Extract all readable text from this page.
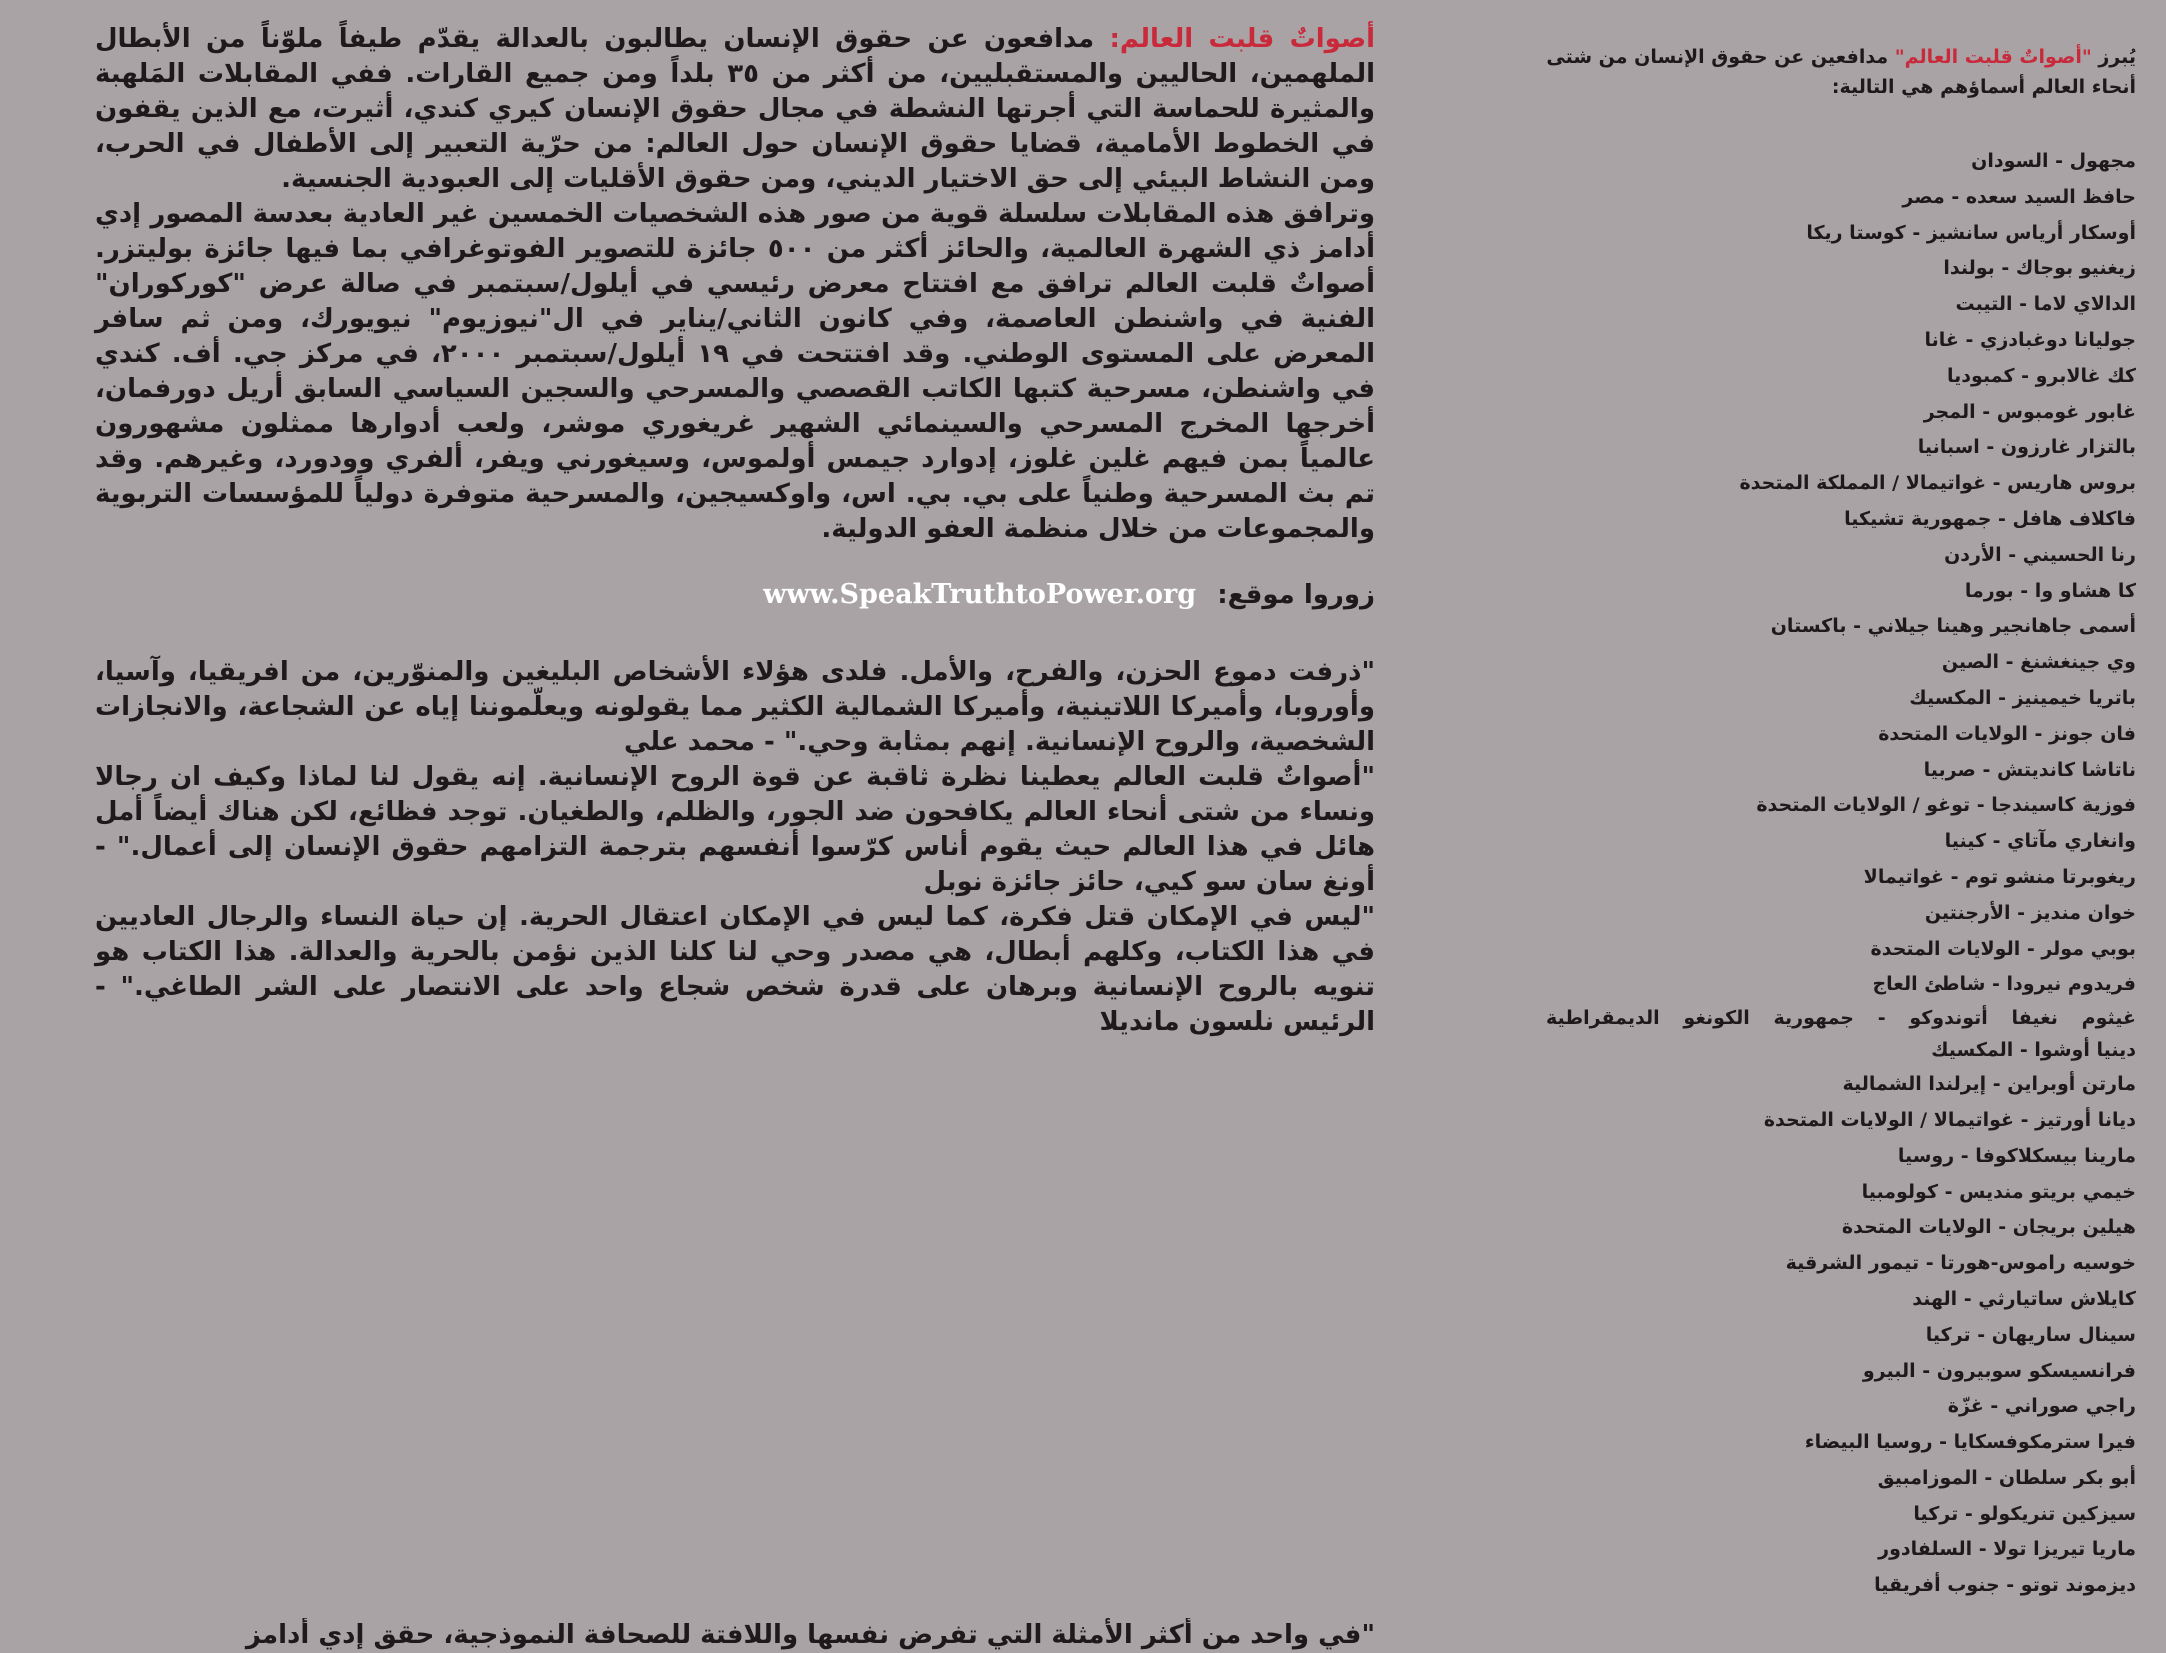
أصواتٌ قلبت العالم: مدافعون عن حقوق الإنسان يطالبون بالعدالة يقدّم طيفاً ملوّناً من الأبطال الملهمين، الحاليين والمستقبليين، من أكثر من ٣٥ بلداً ومن جميع القارات. ففي المقابلات المَلهبة والمثيرة للحماسة التي أجرتها النشطة في مجال حقوق الإنسان كيري كندي، أثيرت، مع الذين يقفون في الخطوط الأمامية، قضايا حقوق الإنسان حول العالم: من حرّية التعبير إلى الأطفال في الحرب، ومن النشاط البيئي إلى حق الاختيار الديني، ومن حقوق الأقليات إلى العبودية الجنسية.

وترافق هذه المقابلات سلسلة قوية من صور هذه الشخصيات الخمسين غير العادية بعدسة المصور إدي أدامز ذي الشهرة العالمية، والحائز أكثر من ٥٠٠ جائزة للتصوير الفوتوغرافي بما فيها جائزة بوليتزر. أصواتٌ قلبت العالم ترافق مع افتتاح معرض رئيسي في أيلول/سبتمبر في صالة عرض "كوركوران" الفنية في واشنطن العاصمة، وفي كانون الثاني/يناير في ال"نيوزيوم" نيويورك، ومن ثم سافر المعرض على المستوى الوطني. وقد افتتحت في ١٩ أيلول/سبتمبر ٢٠٠٠، في مركز جي. أف. كندي في واشنطن، مسرحية كتبها الكاتب القصصي والمسرحي والسجين السياسي السابق أريل دورفمان، أخرجها المخرج المسرحي والسينمائي الشهير غريغوري موشر، ولعب أدوارها ممثلون مشهورون عالمياً بمن فيهم غلين غلوز، إدوارد جيمس أولموس، وسيغورني ويفر، ألفري وودورد، وغيرهم. وقد تم بث المسرحية وطنياً على بي. بي. اس، واوكسيجين، والمسرحية متوفرة دولياً للمؤسسات التربوية والمجموعات من خلال منظمة العفو الدولية.

زوروا موقع: www.SpeakTruthtoPower.org

"ذرفت دموع الحزن، والفرح، والأمل. فلدى هؤلاء الأشخاص البليغين والمنوّرين، من افريقيا، وآسيا، وأوروبا، وأميركا اللاتينية، وأميركا الشمالية الكثير مما يقولونه ويعلّموننا إياه عن الشجاعة، والانجازات الشخصية، والروح الإنسانية. إنهم بمثابة وحي." - محمد علي

"أصواتٌ قلبت العالم يعطينا نظرة ثاقبة عن قوة الروح الإنسانية. إنه يقول لنا لماذا وكيف ان رجالا ونساء من شتى أنحاء العالم يكافحون ضد الجور، والظلم، والطغيان. توجد فظائع، لكن هناك أيضاً أمل هائل في هذا العالم حيث يقوم أناس كرّسوا أنفسهم بترجمة التزامهم حقوق الإنسان إلى أعمال." - أونغ سان سو كيي، حائز جائزة نوبل

"ليس في الإمكان قتل فكرة، كما ليس في الإمكان اعتقال الحرية. إن حياة النساء والرجال العاديين في هذا الكتاب، وكلهم أبطال، هي مصدر وحي لنا كلنا الذين نؤمن بالحرية والعدالة. هذا الكتاب هو تنويه بالروح الإنسانية وبرهان على قدرة شخص شجاع واحد على الانتصار على الشر الطاغي." - الرئيس نلسون مانديلا

"في واحد من أكثر الأمثلة التي تفرض نفسها واللافتة للصحافة النموذجية، حقق إدي أدامز

يُبرز "أصواتٌ قلبت العالم" مدافعين عن حقوق الإنسان من شتى أنحاء العالم أسماؤهم هي التالية:

مجهول - السودان
حافظ السيد سعده - مصر
أوسكار أرياس سانشيز - كوستا ريكا
زيغنيو بوجاك - بولندا
الدالاي لاما - التيبت
جوليانا دوغبادزي - غانا
كك غالابرو - كمبوديا
غابور غومبوس - المجر
بالتزار غارزون - اسبانيا
بروس هاريس - غواتيمالا / المملكة المتحدة
فاكلاف هافل - جمهورية تشيكيا
رنا الحسيني - الأردن
كا هشاو وا - بورما
أسمى جاهانجير وهينا جيلاني - باكستان
وي جينغشنغ - الصين
باتريا خيمينيز - المكسيك
فان جونز - الولايات المتحدة
ناتاشا كانديتش - صربيا
فوزية كاسيندجا - توغو / الولايات المتحدة
وانغاري مآتاي - كينيا
ريغوبرتا منشو توم - غواتيمالا
خوان منديز - الأرجنتين
بوبي مولر - الولايات المتحدة
فريدوم نيرودا - شاطئ العاج
غيثوم نغيفا أتوندوكو - جمهورية الكونغو الديمقراطية
دينيا أوشوا - المكسيك
مارتن أوبراين - إيرلندا الشمالية
ديانا أورتيز - غواتيمالا / الولايات المتحدة
مارينا بيسكلاكوفا - روسيا
خيمي بريتو منديس - كولومبيا
هيلين بريجان - الولايات المتحدة
خوسيه راموس-هورتا - تيمور الشرقية
كايلاش ساتيارثي - الهند
سينال ساريهان - تركيا
فرانسيسكو سوبيرون - البيرو
راجي صوراني - غزّة
فيرا سترمكوفسكايا - روسيا البيضاء
أبو بكر سلطان - الموزامبيق
سيزكين تنريكولو - تركيا
ماريا تيريزا تولا - السلفادور
ديزموند توتو - جنوب أفريقيا
